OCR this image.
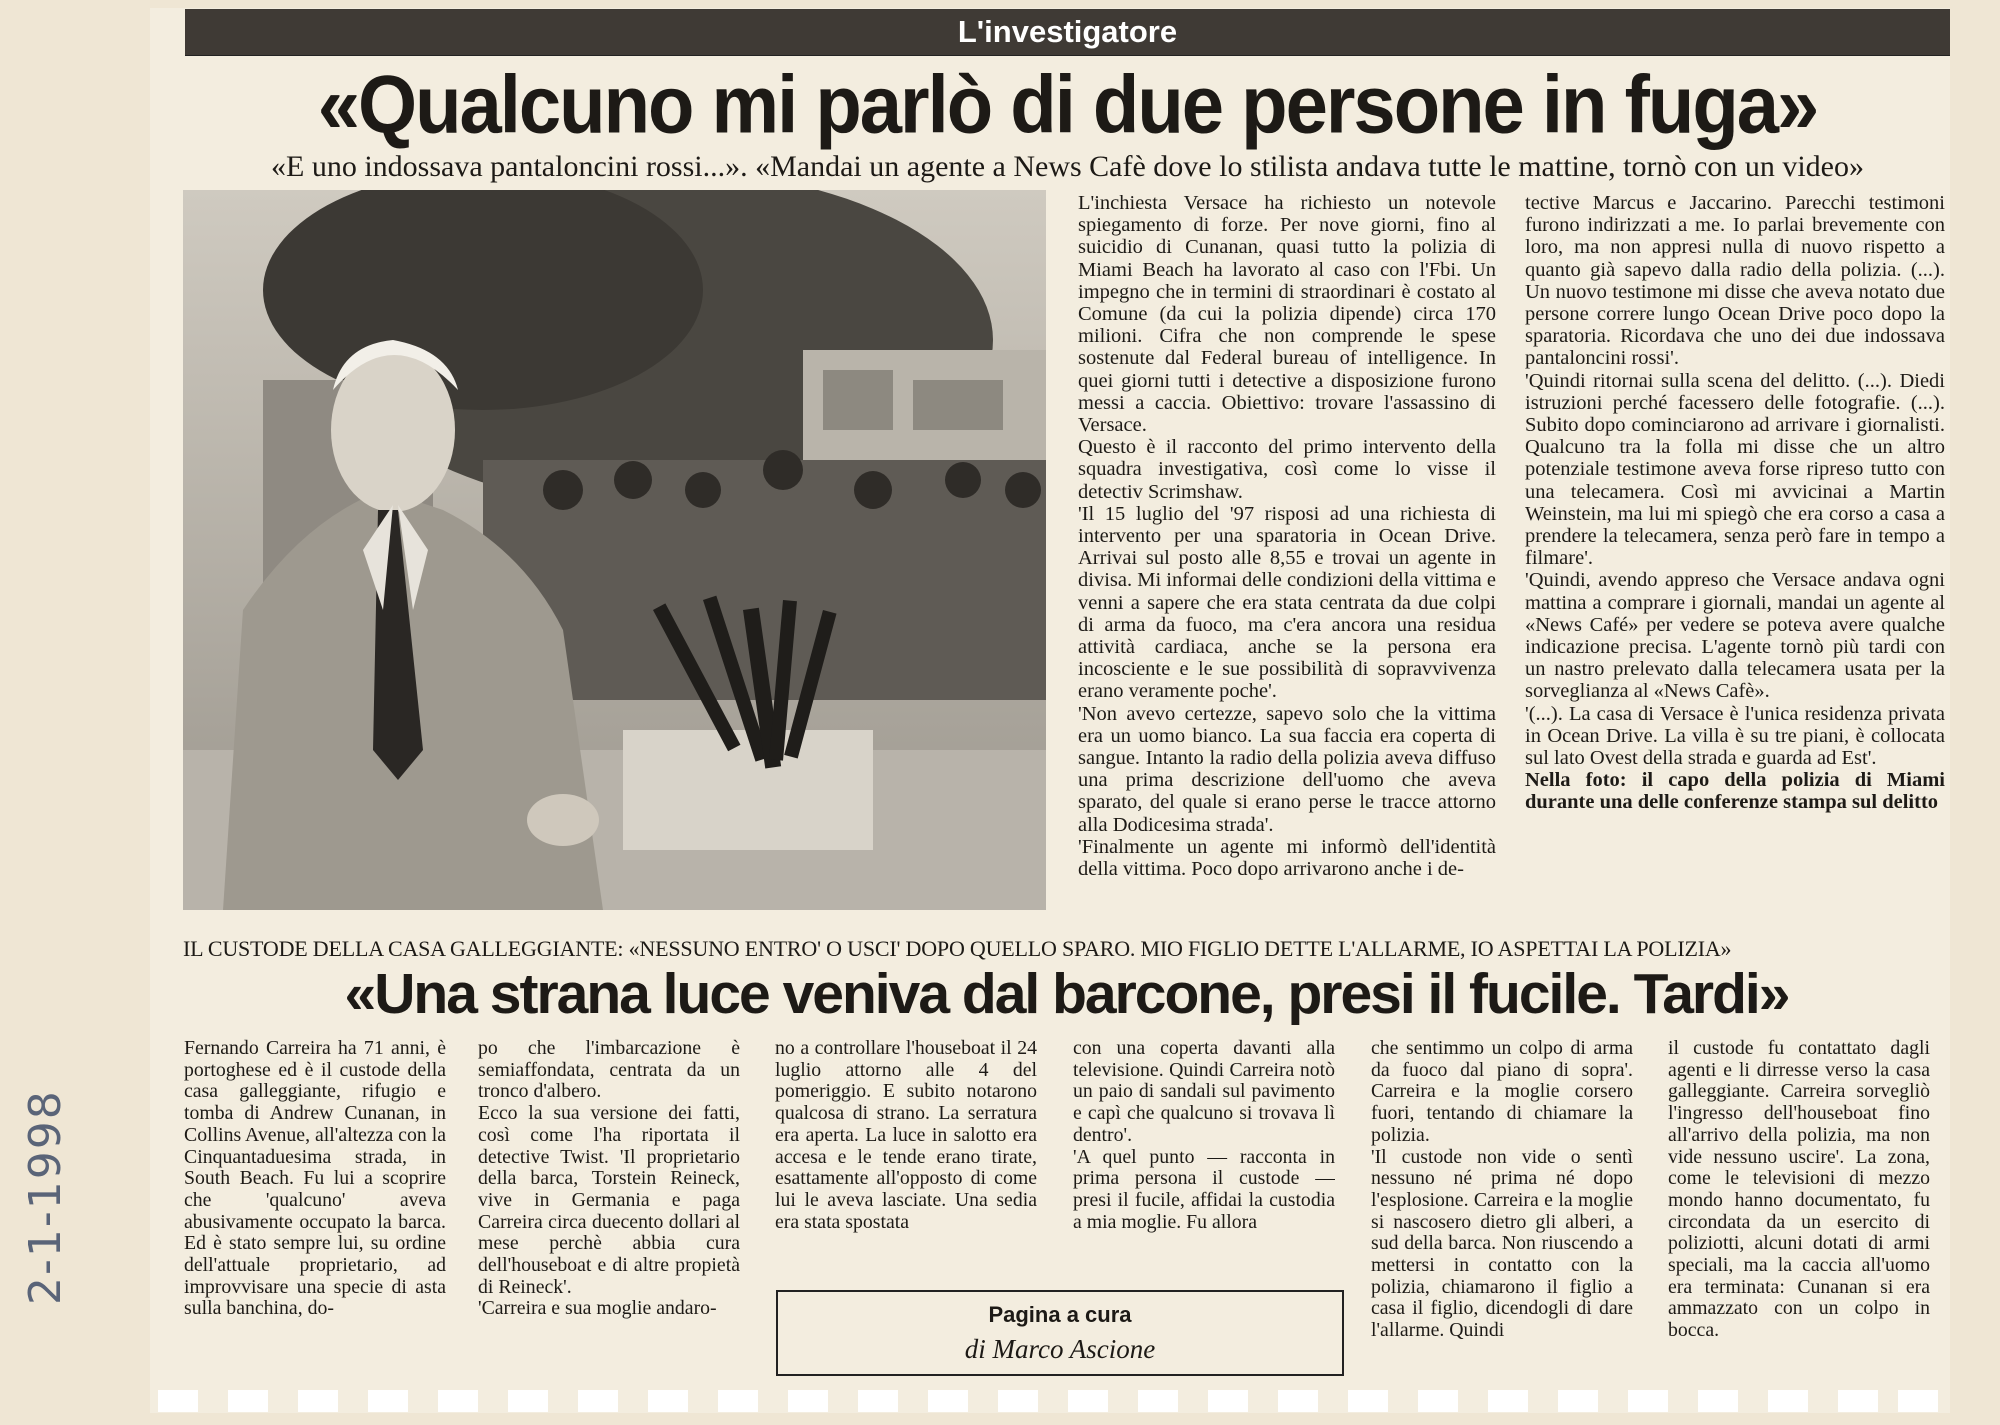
L'investigatore
«Qualcuno mi parlò di due persone in fuga»
«E uno indossava pantaloncini rossi...». «Mandai un agente a News Cafè dove lo stilista andava tutte le mattine, tornò con un video»

L'inchiesta Versace ha richiesto un notevole spiegamento di forze. Per nove giorni, fino al suicidio di Cunanan, quasi tutto la polizia di Miami Beach ha lavorato al caso con l'Fbi. Un impegno che in termini di straordinari è costato al Comune (da cui la polizia dipende) circa 170 milioni. Cifra che non comprende le spese sostenute dal Federal bureau of intelligence. In quei giorni tutti i detective a disposizione furono messi a caccia. Obiettivo: trovare l'assassino di Versace.

Questo è il racconto del primo intervento della squadra investigativa, così come lo visse il detectiv Scrimshaw.

'Il 15 luglio del '97 risposi ad una richiesta di intervento per una sparatoria in Ocean Drive. Arrivai sul posto alle 8,55 e trovai un agente in divisa. Mi informai delle condizioni della vittima e venni a sapere che era stata centrata da due colpi di arma da fuoco, ma c'era ancora una residua attività cardiaca, anche se la persona era incosciente e le sue possibilità di sopravvivenza erano veramente poche'.

'Non avevo certezze, sapevo solo che la vittima era un uomo bianco. La sua faccia era coperta di sangue. Intanto la radio della polizia aveva diffuso una prima descrizione dell'uomo che aveva sparato, del quale si erano perse le tracce attorno alla Dodicesima strada'.

'Finalmente un agente mi informò dell'identità della vittima. Poco dopo arrivarono anche i de-

tective Marcus e Jaccarino. Parecchi testimoni furono indirizzati a me. Io parlai brevemente con loro, ma non appresi nulla di nuovo rispetto a quanto già sapevo dalla radio della polizia. (...). Un nuovo testimone mi disse che aveva notato due persone correre lungo Ocean Drive poco dopo la sparatoria. Ricordava che uno dei due indossava pantaloncini rossi'.

'Quindi ritornai sulla scena del delitto. (...). Diedi istruzioni perché facessero delle fotografie. (...). Subito dopo cominciarono ad arrivare i giornalisti. Qualcuno tra la folla mi disse che un altro potenziale testimone aveva forse ripreso tutto con una telecamera. Così mi avvicinai a Martin Weinstein, ma lui mi spiegò che era corso a casa a prendere la telecamera, senza però fare in tempo a filmare'.

'Quindi, avendo appreso che Versace andava ogni mattina a comprare i giornali, mandai un agente al «News Café» per vedere se poteva avere qualche indicazione precisa. L'agente tornò più tardi con un nastro prelevato dalla telecamera usata per la sorveglianza al «News Cafè».

'(...). La casa di Versace è l'unica residenza privata in Ocean Drive. La villa è su tre piani, è collocata sul lato Ovest della strada e guarda ad Est'.

Nella foto: il capo della polizia di Miami durante una delle conferenze stampa sul delitto

IL CUSTODE DELLA CASA GALLEGGIANTE: «NESSUNO ENTRO' O USCI' DOPO QUELLO SPARO. MIO FIGLIO DETTE L'ALLARME, IO ASPETTAI LA POLIZIA»
«Una strana luce veniva dal barcone, presi il fucile. Tardi»

Fernando Carreira ha 71 anni, è portoghese ed è il custode della casa galleggiante, rifugio e tomba di Andrew Cunanan, in Collins Avenue, all'altezza con la Cinquantaduesima strada, in South Beach. Fu lui a scoprire che 'qualcuno' aveva abusivamente occupato la barca. Ed è stato sempre lui, su ordine dell'attuale proprietario, ad improvvisare una specie di asta sulla banchina, do-

po che l'imbarcazione è semiaffondata, centrata da un tronco d'albero.

Ecco la sua versione dei fatti, così come l'ha riportata il detective Twist. 'Il proprietario della barca, Torstein Reineck, vive in Germania e paga Carreira circa duecento dollari al mese perchè abbia cura dell'houseboat e di altre propietà di Reineck'.

'Carreira e sua moglie andaro-

no a controllare l'houseboat il 24 luglio attorno alle 4 del pomeriggio. E subito notarono qualcosa di strano. La serratura era aperta. La luce in salotto era accesa e le tende erano tirate, esattamente all'opposto di come lui le aveva lasciate. Una sedia era stata spostata

con una coperta davanti alla televisione. Quindi Carreira notò un paio di sandali sul pavimento e capì che qualcuno si trovava lì dentro'.

'A quel punto — racconta in prima persona il custode — presi il fucile, affidai la custodia a mia moglie. Fu allora

che sentimmo un colpo di arma da fuoco dal piano di sopra'. Carreira e la moglie corsero fuori, tentando di chiamare la polizia.

'Il custode non vide o sentì nessuno né prima né dopo l'esplosione. Carreira e la moglie si nascosero dietro gli alberi, a sud della barca. Non riuscendo a mettersi in contatto con la polizia, chiamarono il figlio a casa il figlio, dicendogli di dare l'allarme. Quindi

il custode fu contattato dagli agenti e li dirresse verso la casa galleggiante. Carreira sorvegliò l'ingresso dell'houseboat fino all'arrivo della polizia, ma non vide nessuno uscire'. La zona, come le televisioni di mezzo mondo hanno documentato, fu circondata da un esercito di poliziotti, alcuni dotati di armi speciali, ma la caccia all'uomo era terminata: Cunanan si era ammazzato con un colpo in bocca.

Pagina a cura
di Marco Ascione
2-1-1998
